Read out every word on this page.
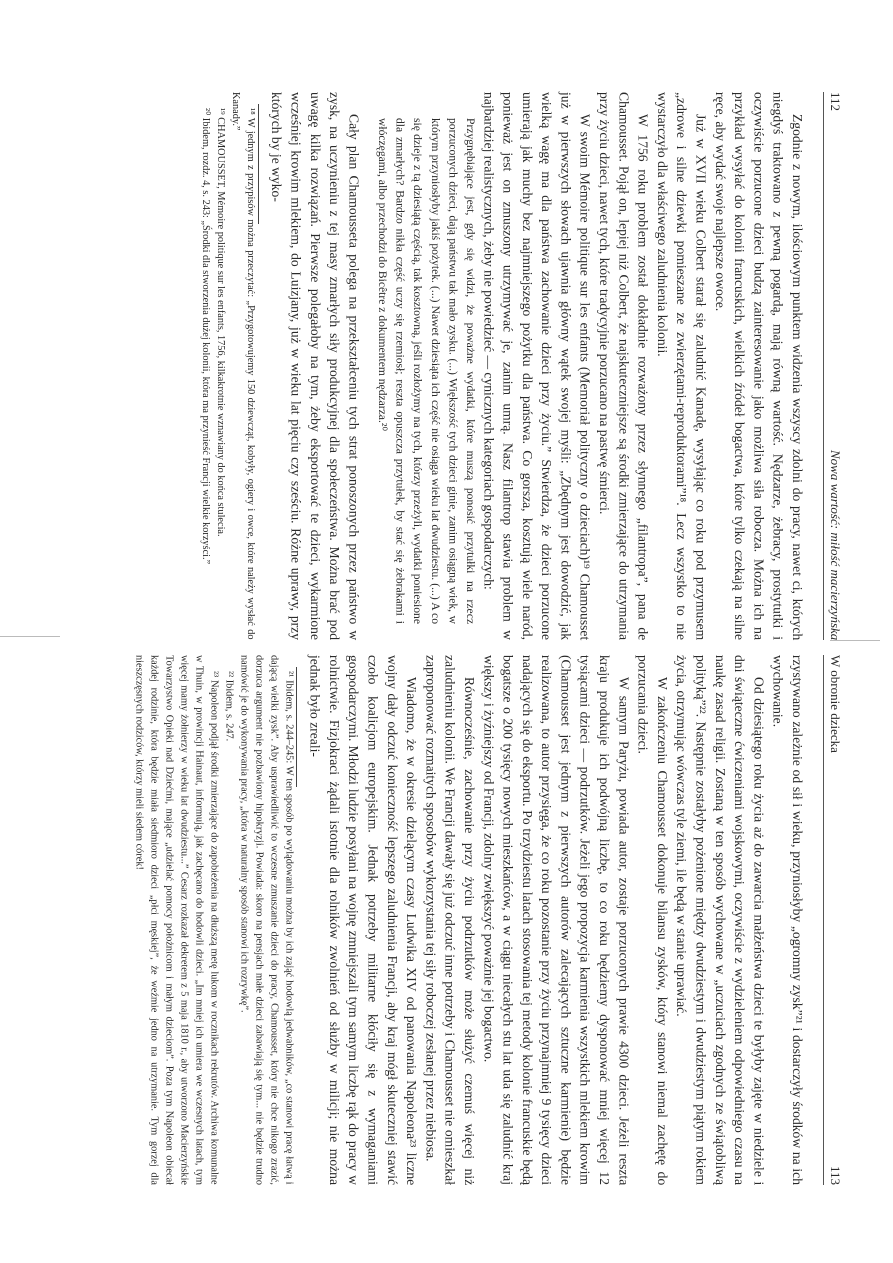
112
Nowa wartość: miłość macierzyńska

Zgodnie z nowym, ilościowym punktem widzenia wszyscy zdolni do pracy, nawet ci, których niegdyś traktowano z pewną pogardą, mają równą wartość. Nędzarze, żebracy, prostytutki i oczywiście porzucone dzieci budzą zainteresowanie jako możliwa siła robocza. Można ich na przykład wysyłać do kolonii francuskich, wielkich źródeł bogactwa, które tylko czekają na silne ręce, aby wydać swoje najlepsze owoce.

Już w XVII wieku Colbert starał się zaludnić Kanadę, wysyłając co roku pod przymusem „zdrowe i silne dziewki pomieszane ze zwierzętami-reproduktorami”¹⁸. Lecz wszystko to nie wystarczyło dla właściwego zaludnienia kolonii.

W 1756 roku problem został dokładnie rozważony przez słynnego „filantropa”, pana de Chamousset. Pojął on, lepiej niż Colbert, że najskuteczniejsze są środki zmierzające do utrzymania przy życiu dzieci, nawet tych, które tradycyjnie porzucano na pastwę śmierci.

W swoim Mémoire politique sur les enfants (Memoriał polityczny o dzieciach)¹⁹ Chamousset już w pierwszych słowach ujawnia główny wątek swojej myśli: „Zbędnym jest dowodzić, jak wielką wagę ma dla państwa zachowanie dzieci przy życiu.” Stwierdza, że dzieci porzucone umierają jak muchy bez najmniejszego pożytku dla państwa. Co gorsza, kosztują wiele naród, ponieważ jest on zmuszony utrzymywać je, zanim umrą. Nasz filantrop stawia problem w najbardziej realistycznych, żeby nie powiedzieć — cynicznych kategoriach gospodarczych:

Przygnębiające jest, gdy się widzi, że poważne wydatki, które muszą ponosić przytułki na rzecz porzuconych dzieci, dają państwu tak mało zysku. (...) Większość tych dzieci ginie, zanim osiągną wiek, w którym przyniosłyby jakiś pożytek. (...) Nawet dziesiąta ich część nie osiąga wieku lat dwudziestu. (...) A co się dzieje z tą dziesiątą częścią, tak kosztowną, jeśli rozłożymy na tych, którzy przeżyli, wydatki poniesione dla zmarłych? Bardzo nikła część uczy się rzemiosł; reszta opuszcza przytułek, by stać się żebrakami i włóczęgami, albo przechodzi do Bicêtre z dokumentem nędzarza.²⁰

Cały plan Chamousseta polega na przekształceniu tych strat ponoszonych przez państwo w zysk, na uczynieniu z tej masy zmarłych siły produkcyjnej dla społeczeństwa. Można brać pod uwagę kilka rozwiązań. Pierwsze polegałoby na tym, żeby eksportować te dzieci, wykarmione wcześniej krowim mlekiem, do Luizjany, już w wieku lat pięciu czy sześciu. Różne uprawy, przy których by je wyko-

¹⁸ W jednym z przypisów można przeczytać: „Przygotowujemy 150 dziewcząt, kobyły, ogiery i owce, które należy wysłać do Kanady.”

¹⁹ CHAMOUSSET, Mémoire politique sur les enfants, 1756, kilkakrotnie wznawiany do końca stulecia.

²⁰ Ibidem, rozdz. 4, s. 243: „Środki dla stworzenia dużej kolonii, która ma przynieść Francji wielkie korzyści.”

W obronie dziecka
113

rzystywano zależnie od sił i wieku, przyniosłyby „ogromny zysk”²¹ i dostarczyły środków na ich wychowanie.

Od dziesiątego roku życia aż do zawarcia małżeństwa dzieci te byłyby zajęte w niedziele i dni świąteczne ćwiczeniami wojskowymi, oczywiście z wydzieleniem odpowiedniego czasu na naukę zasad religii. Zostaną w ten sposób wychowane w „uczuciach zgodnych ze świątobliwą polityką”²². Następnie zostałyby pożenione między dwudziestym i dwudziestym piątym rokiem życia, otrzymując wówczas tyle ziemi, ile będą w stanie uprawiać.

W zakończeniu Chamousset dokonuje bilansu zysków, który stanowi niemal zachętę do porzucania dzieci.

W samym Paryżu, powiada autor, zostaje porzuconych prawie 4300 dzieci. Jeżeli reszta kraju produkuje ich podwójną liczbę, to co roku będziemy dysponować mniej więcej 12 tysiącami dzieci — podrzutków. Jeżeli jego propozycja karmienia wszystkich mlekiem krowim (Chamousset jest jednym z pierwszych autorów zalecających sztuczne karmienie) będzie realizowana, to autor przysięga, że co roku pozostanie przy życiu przynajmniej 9 tysięcy dzieci nadających się do eksportu. Po trzydziestu latach stosowania tej metody kolonie francuskie będą bogatsze o 200 tysięcy nowych mieszkańców, a w ciągu niecałych stu lat uda się zaludnić kraj większy i żyźniejszy od Francji, zdolny zwiększyć poważnie jej bogactwo.

Równocześnie, zachowanie przy życiu podrzutków może służyć czemuś więcej niż zaludnieniu kolonii. We Francji dawały się już odczuć inne potrzeby i Chamousset nie omieszkał zaproponować rozmaitych sposobów wykorzystania tej siły roboczej zesłanej przez niebiosa.

Wiadomo, że w okresie dzielącym czasy Ludwika XIV od panowania Napoleona²³ liczne wojny dały odczuć konieczność lepszego zaludnienia Francji, aby kraj mógł skuteczniej stawić czoło koalicjom europejskim. Jednak potrzeby militarne kłóciły się z wymaganiami gospodarczymi. Młodzi ludzie posyłani na wojnę zmniejszali tym samym liczbę rąk do pracy w rolnictwie. Fizjokraci żądali istotnie dla rolników zwolnień od służby w milicji; nie można jednak było zreali-

²¹ Ibidem, s. 244–245: W ten sposób po wylądowaniu można by ich zająć hodowlą jedwabników, „co stanowi pracę łatwą i dającą wielki zysk”. Aby usprawiedliwić to wczesne zmuszanie dzieci do pracy, Chamousset, który nie chce nikogo zrazić, dorzuca argument nie pozbawiony hipokryzji. Powiada: skoro na pensjach małe dzieci zabawiają się tym... nie będzie trudno namówić je do wykonywania pracy, „która w naturalny sposób stanowi ich rozrywkę”.

²² Ibidem, s. 247.

²³ Napoleon podjął środki zmierzające do zapobieżenia na dłuższą metę lukom w rocznikach rekrutów. Archiwa komunalne w Thuin, w prowincji Hainaut, informują, jak zachęcano do hodowli dzieci. „Im mniej ich umiera we wczesnych latach, tym więcej mamy żołnierzy w wieku lat dwudziestu...” Cesarz rozkazał dekretem z 5 maja 1810 r., aby utworzono Macierzyńskie Towarzystwo Opieki nad Dziećmi, mające „udzielać pomocy położnicom i małym dzieciom”. Poza tym Napoleon obiecał każdej rodzinie, która będzie miała siedmioro dzieci „płci męskiej”, że weźmie jedno na utrzymanie. Tym gorzej dla nieszczęsnych rodziców, którzy mieli siedem córek!
